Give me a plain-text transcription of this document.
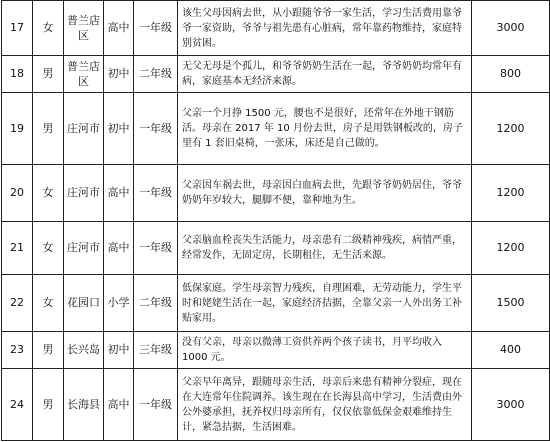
17	女	普兰店区	高中	一年级	该生父母因病去世，从小跟随爷爷一家生活，学习生活费用靠爷爷一家资助，爷爷与祖先患有心脏病，常年靠药物维持，家庭特别贫困。	3000
18	男	普兰店区	初中	二年级	无父无母是个孤儿，和爷爷奶奶生活在一起，爷爷奶奶均常年有病，家庭基本无经济来源。	800
19	男	庄河市	初中	一年级	父亲一个月挣 1500 元，腰也不是很好，还常年在外地干钢筋活。母亲在 2017 年 10 月份去世，房子是用铁钢板改的，房子里有 1 套旧桌椅，一张床，床还是自己做的。	1200
20	女	庄河市	高中	一年级	父亲因车祸去世，母亲因白血病去世，先跟爷爷奶奶居住，爷爷奶奶年岁较大，腿脚不便，靠种地为生。	1200
21	女	庄河市	高中	一年级	父亲脑血栓丧失生活能力，母亲患有二级精神残疾，病情严重，经常发作，无固定房，长期租住，无生活来源。	1200
22	女	花园口	小学	二年级	低保家庭。学生母亲智力残疾，自理困难，无劳动能力，学生平时和姥姥生活在一起，家庭经济拮据，全靠父亲一人外出务工补贴家用。	1500
23	男	长兴岛	初中	三年级	没有父亲，母亲以微薄工资供养两个孩子读书，月平均收入 1000 元。	400
24	男	长海县	高中	一年级	父亲早年离异，跟随母亲生活，母亲后来患有精神分裂症，现在在大连常年住院调养。该生现在在长海县高中学习，生活费由外公外婆承担，抚养权归母亲所有，仅仅依靠低保金艰难维持生计，紧急拮据，生活困难。	3000
